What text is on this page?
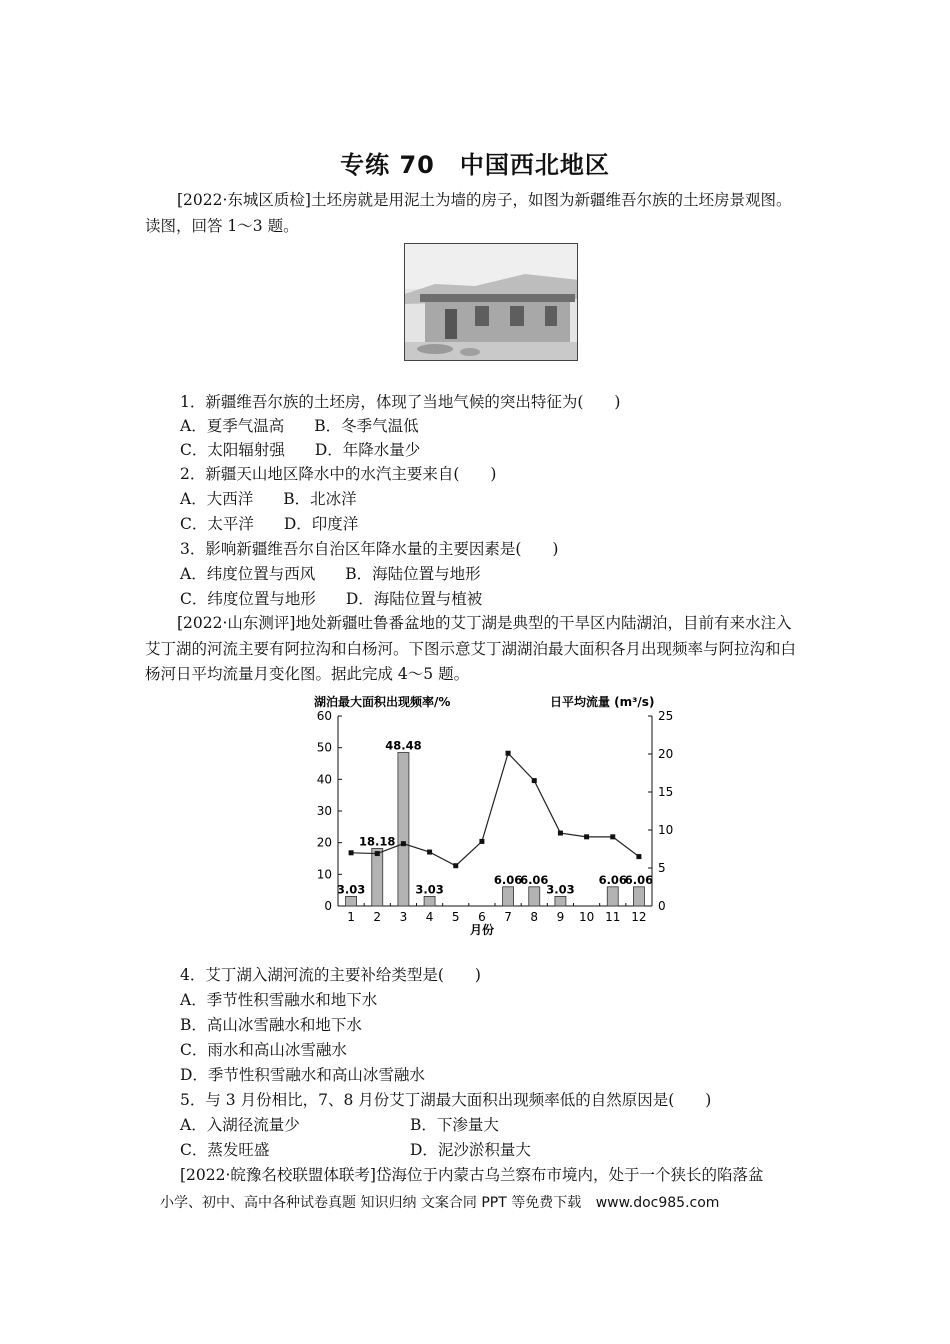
专练 70　中国西北地区

[2022·东城区质检]土坯房就是用泥土为墙的房子，如图为新疆维吾尔族的土坯房景观图。读图，回答 1～3 题。

1．新疆维吾尔族的土坯房，体现了当地气候的突出特征为(　　)
A．夏季气温高 B．冬季气温低
C．太阳辐射强 D．年降水量少
2．新疆天山地区降水中的水汽主要来自(　　)
A．大西洋 B．北冰洋
C．太平洋 D．印度洋
3．影响新疆维吾尔自治区年降水量的主要因素是(　　)
A．纬度位置与西风 B．海陆位置与地形
C．纬度位置与地形 D．海陆位置与植被

[2022·山东测评]地处新疆吐鲁番盆地的艾丁湖是典型的干旱区内陆湖泊，目前有来水注入艾丁湖的河流主要有阿拉沟和白杨河。下图示意艾丁湖湖泊最大面积各月出现频率与阿拉沟和白杨河日平均流量月变化图。据此完成 4～5 题。

湖泊最大面积出现频率/%	日平均流量 (m³/s)
0
10
20
30
40
50
60
0
5
10
15
20
25
1 2 3 4 5 6 7 8 9 10 11 12
3.03
18.18
48.48
3.03
6.06
6.06
3.03
6.06
6.06
月份
4．艾丁湖入湖河流的主要补给类型是(　　)
A．季节性积雪融水和地下水
B．高山冰雪融水和地下水
C．雨水和高山冰雪融水
D．季节性积雪融水和高山冰雪融水
5．与 3 月份相比，7、8 月份艾丁湖最大面积出现频率低的自然原因是(　　)
A．入湖径流量少	B．下渗量大
C．蒸发旺盛	D．泥沙淤积量大
[2022·皖豫名校联盟体联考]岱海位于内蒙古乌兰察布市境内，处于一个狭长的陷落盆
小学、初中、高中各种试卷真题 知识归纳 文案合同 PPT 等免费下载 www.doc985.com
